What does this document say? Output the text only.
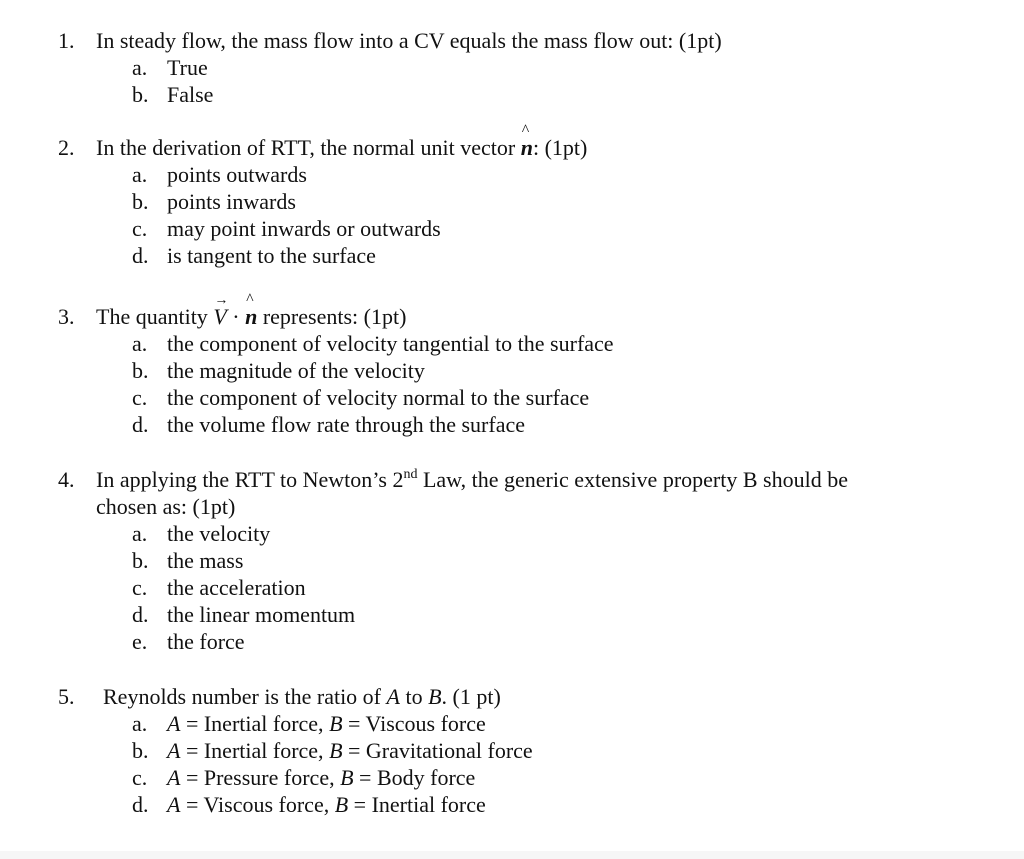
1. In steady flow, the mass flow into a CV equals the mass flow out: (1pt)
a. True
b. False
2. In the derivation of RTT, the normal unit vector n
^
: (1pt)
a. points outwards
b. points inwards
c. may point inwards or outwards
d. is tangent to the surface
3. The quantity V
→
· n
^
represents: (1pt)
a. the component of velocity tangential to the surface
b. the magnitude of the velocity
c. the component of velocity normal to the surface
d. the volume flow rate through the surface
4. In applying the RTT to Newton’s 2nd Law, the generic extensive property B should be
chosen as: (1pt)
a. the velocity
b. the mass
c. the acceleration
d. the linear momentum
e. the force
5. Reynolds number is the ratio of A to B. (1 pt)
a. A = Inertial force, B = Viscous force
b. A = Inertial force, B = Gravitational force
c. A = Pressure force, B = Body force
d. A = Viscous force, B = Inertial force
